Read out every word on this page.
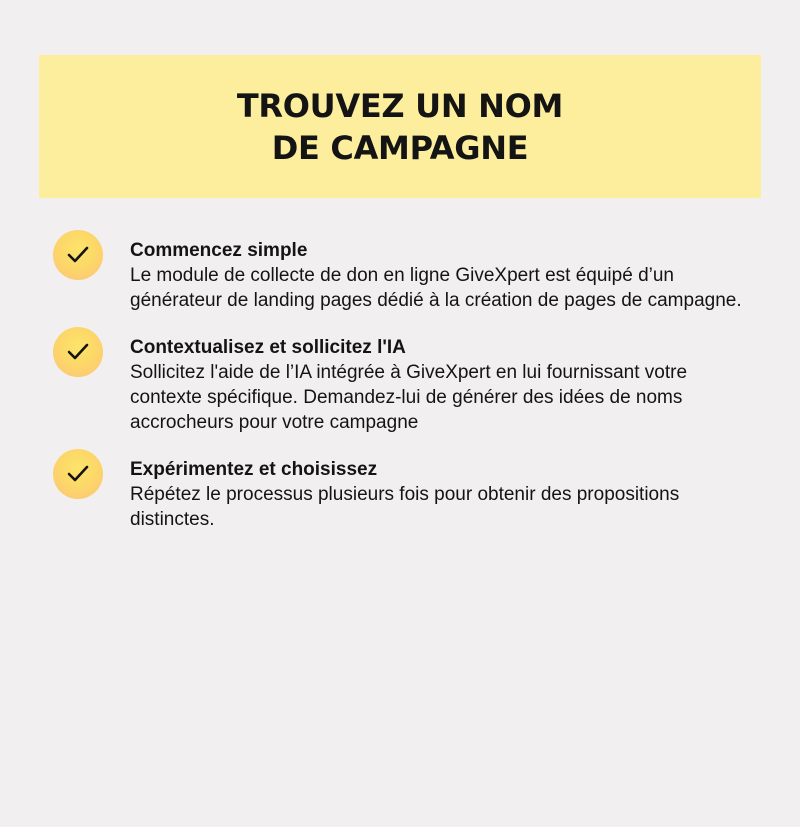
TROUVEZ UN NOM
DE CAMPAGNE
Commencez simple
Le module de collecte de don en ligne GiveXpert est équipé d’un générateur de landing pages dédié à la création de pages de campagne.
Contextualisez et sollicitez l'IA
Sollicitez l'aide de l’IA intégrée à GiveXpert en lui fournissant votre contexte spécifique. Demandez-lui de générer des idées de noms accrocheurs pour votre campagne
Expérimentez et choisissez
Répétez le processus plusieurs fois pour obtenir des propositions distinctes.
